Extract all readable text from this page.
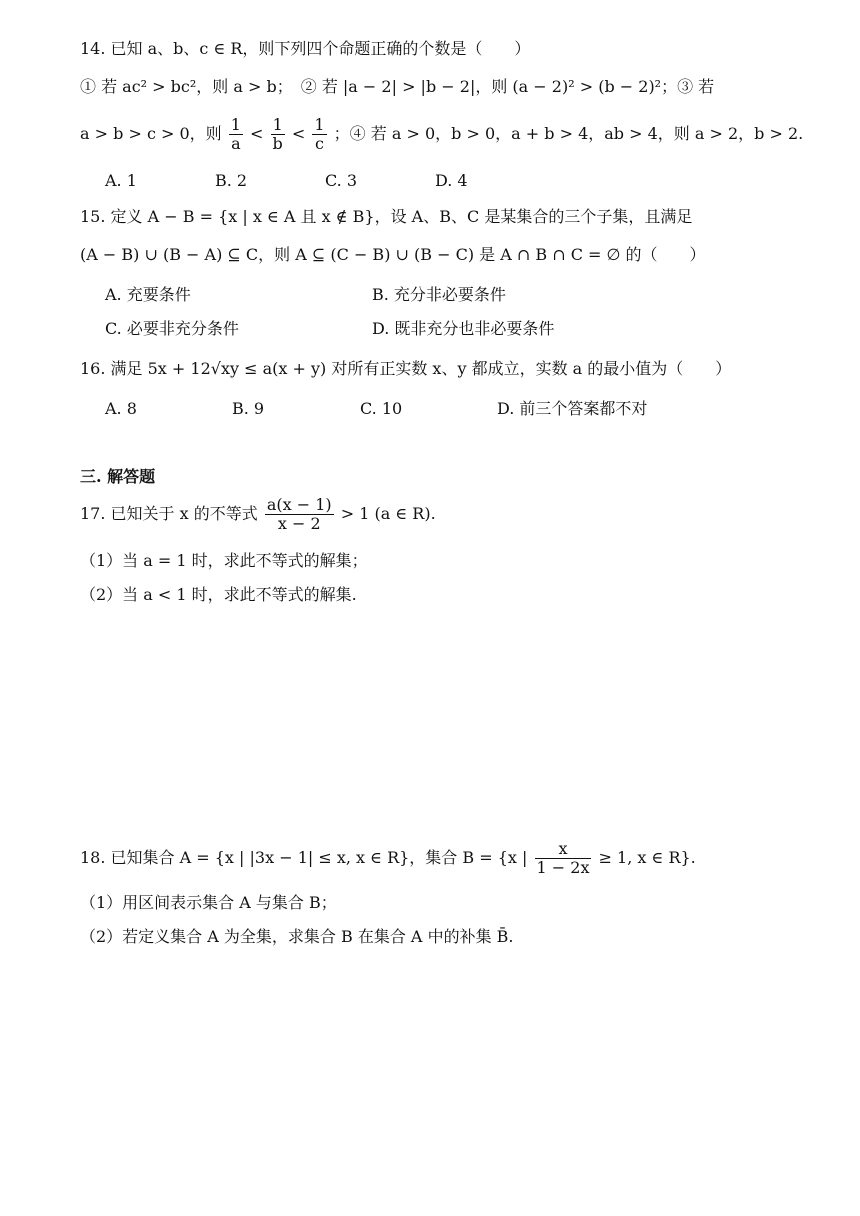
14. 已知 a、b、c ∈ R，则下列四个命题正确的个数是（　　）
① 若 ac² > bc²，则 a > b；　② 若 |a − 2| > |b − 2|，则 (a − 2)² > (b − 2)²；③ 若
a > b > c > 0，则 $\frac{1}{a} < \frac{1}{b} < \frac{1}{c}$ ；④ 若 a > 0，b > 0，a + b > 4，ab > 4，则 a > 2，b > 2.
A. 1	B. 2	C. 3	D. 4
15. 定义 A − B = {x | x ∈ A 且 x ∉ B}，设 A、B、C 是某集合的三个子集，且满足
(A − B) ∪ (B − A) ⊆ C，则 A ⊆ (C − B) ∪ (B − C) 是 A ∩ B ∩ C = ∅ 的（　　）
A. 充要条件	B. 充分非必要条件
C. 必要非充分条件	D. 既非充分也非必要条件
16. 满足 5x + 12√xy ≤ a(x + y) 对所有正实数 x、y 都成立，实数 a 的最小值为（　　）
A. 8	B. 9	C. 10	D. 前三个答案都不对
三. 解答题
17. 已知关于 x 的不等式 $\frac{a(x - 1)}{x - 2} > 1$ (a ∈ R).
（1）当 a = 1 时，求此不等式的解集；
（2）当 a < 1 时，求此不等式的解集.
18. 已知集合 A = {x | |3x − 1| ≤ x, x ∈ R}，集合 B = {x | $\frac{x}{1 - 2x} \ge 1$, x ∈ R}.
（1）用区间表示集合 A 与集合 B；
（2）若定义集合 A 为全集，求集合 B 在集合 A 中的补集 B̄.
